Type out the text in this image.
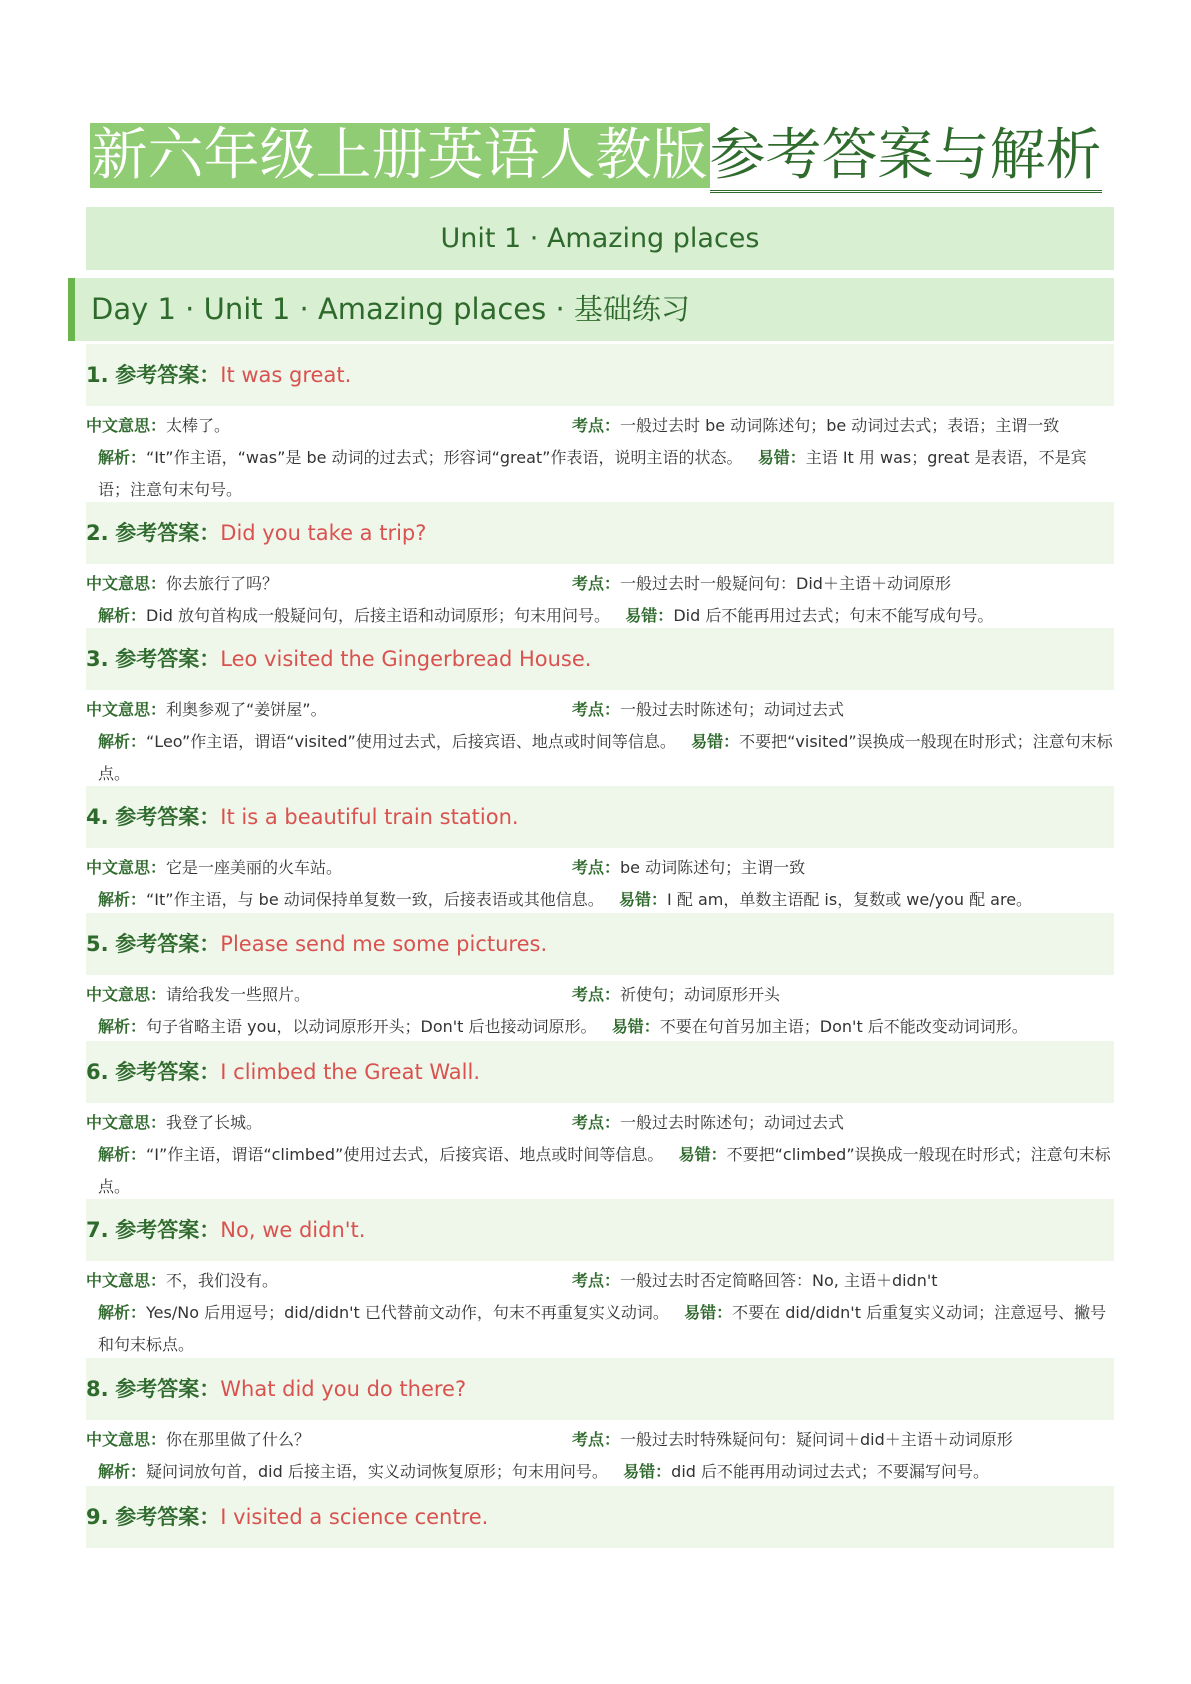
新六年级上册英语人教版参考答案与解析
Unit 1 · Amazing places
Day 1 · Unit 1 · Amazing places · 基础练习
1. 参考答案：It was great.
中文意思：太棒了。	考点：一般过去时 be 动词陈述句；be 动词过去式；表语；主谓一致
解析：“It”作主语，“was”是 be 动词的过去式；形容词“great”作表语，说明主语的状态。 易错：主语 It 用 was；great 是表语，不是宾语；注意句末句号。
2. 参考答案：Did you take a trip?
中文意思：你去旅行了吗？	考点：一般过去时一般疑问句：Did＋主语＋动词原形
解析：Did 放句首构成一般疑问句，后接主语和动词原形；句末用问号。 易错：Did 后不能再用过去式；句末不能写成句号。
3. 参考答案：Leo visited the Gingerbread House.
中文意思：利奥参观了“姜饼屋”。	考点：一般过去时陈述句；动词过去式
解析：“Leo”作主语，谓语“visited”使用过去式，后接宾语、地点或时间等信息。 易错：不要把“visited”误换成一般现在时形式；注意句末标点。
4. 参考答案：It is a beautiful train station.
中文意思：它是一座美丽的火车站。	考点：be 动词陈述句；主谓一致
解析：“It”作主语，与 be 动词保持单复数一致，后接表语或其他信息。 易错：I 配 am，单数主语配 is，复数或 we/you 配 are。
5. 参考答案：Please send me some pictures.
中文意思：请给我发一些照片。	考点：祈使句；动词原形开头
解析：句子省略主语 you，以动词原形开头；Don't 后也接动词原形。 易错：不要在句首另加主语；Don't 后不能改变动词词形。
6. 参考答案：I climbed the Great Wall.
中文意思：我登了长城。	考点：一般过去时陈述句；动词过去式
解析：“I”作主语，谓语“climbed”使用过去式，后接宾语、地点或时间等信息。 易错：不要把“climbed”误换成一般现在时形式；注意句末标点。
7. 参考答案：No, we didn't.
中文意思：不，我们没有。	考点：一般过去时否定简略回答：No, 主语＋didn't
解析：Yes/No 后用逗号；did/didn't 已代替前文动作，句末不再重复实义动词。 易错：不要在 did/didn't 后重复实义动词；注意逗号、撇号和句末标点。
8. 参考答案：What did you do there?
中文意思：你在那里做了什么？	考点：一般过去时特殊疑问句：疑问词＋did＋主语＋动词原形
解析：疑问词放句首，did 后接主语，实义动词恢复原形；句末用问号。 易错：did 后不能再用动词过去式；不要漏写问号。
9. 参考答案：I visited a science centre.
